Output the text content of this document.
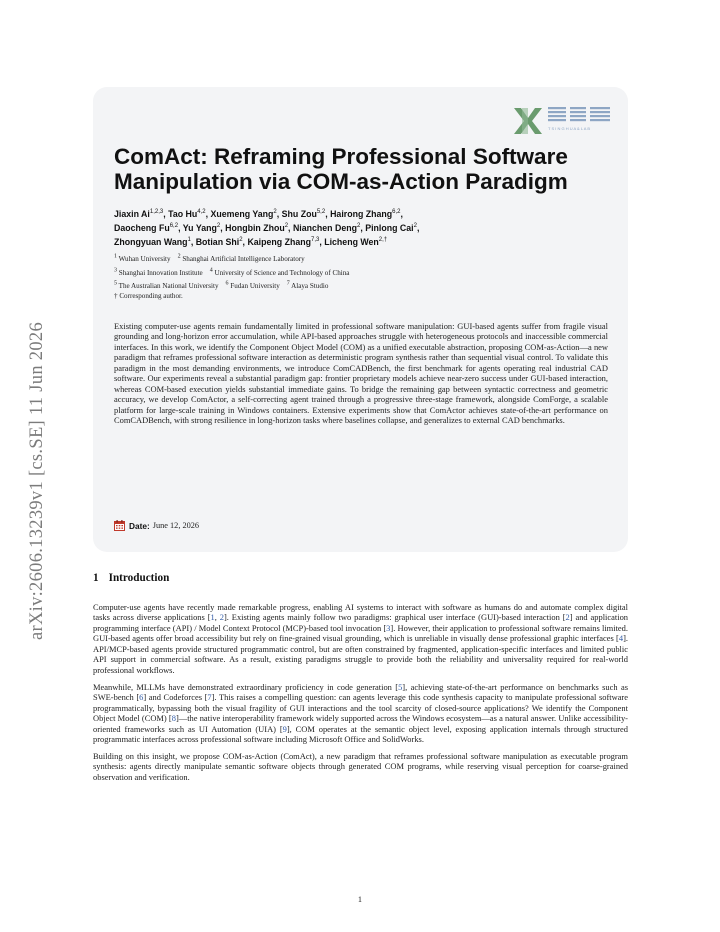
arXiv:2606.13239v1 [cs.SE] 11 Jun 2026
T S I N G H U A & L A B
ComAct: Reframing Professional Software Manipulation via COM-as-Action Paradigm
Jiaxin Ai$^{1,2,3}$, Tao Hu$^{4,2}$, Xuemeng Yang$^2$, Shu Zou$^{5,2}$, Hairong Zhang$^{6,2}$,
Daocheng Fu$^{6,2}$, Yu Yang$^2$, Hongbin Zhou$^2$, Nianchen Deng$^2$, Pinlong Cai$^2$,
Zhongyuan Wang$^1$, Botian Shi$^2$, Kaipeng Zhang$^{7,3}$, Licheng Wen$^{2,\dagger}$
$^1$ Wuhan University $^2$ Shanghai Artificial Intelligence Laboratory
$^3$ Shanghai Innovation Institute $^4$ University of Science and Technology of China
$^5$ The Australian National University $^6$ Fudan University $^7$ Alaya Studio
† Corresponding author.

Existing computer-use agents remain fundamentally limited in professional software manipulation: GUI-based agents suffer from fragile visual grounding and long-horizon error accumulation, while API-based approaches struggle with heterogeneous protocols and inaccessible commercial interfaces. In this work, we identify the Component Object Model (COM) as a unified executable abstraction, proposing COM-as-Action—a new paradigm that reframes professional software interaction as deterministic program synthesis rather than sequential visual control. To validate this paradigm in the most demanding environments, we introduce ComCADBench, the first benchmark for agents operating real industrial CAD software. Our experiments reveal a substantial paradigm gap: frontier proprietary models achieve near-zero success under GUI-based interaction, whereas COM-based execution yields substantial immediate gains. To bridge the remaining gap between syntactic correctness and geometric accuracy, we develop ComActor, a self-correcting agent trained through a progressive three-stage framework, alongside ComForge, a scalable platform for large-scale training in Windows containers. Extensive experiments show that ComActor achieves state-of-the-art performance on ComCADBench, with strong resilience in long-horizon tasks where baselines collapse, and generalizes to external CAD benchmarks.

Date: June 12, 2026
1 Introduction

Computer-use agents have recently made remarkable progress, enabling AI systems to interact with software as humans do and automate complex digital tasks across diverse applications [1, 2]. Existing agents mainly follow two paradigms: graphical user interface (GUI)-based interaction [2] and application programming interface (API) / Model Context Protocol (MCP)-based tool invocation [3]. However, their application to professional software remains limited. GUI-based agents offer broad accessibility but rely on fine-grained visual grounding, which is unreliable in visually dense professional graphic interfaces [4]. API/MCP-based agents provide structured programmatic control, but are often constrained by fragmented, application-specific interfaces and limited public API support in commercial software. As a result, existing paradigms struggle to provide both the reliability and universality required for real-world professional workflows.

Meanwhile, MLLMs have demonstrated extraordinary proficiency in code generation [5], achieving state-of-the-art performance on benchmarks such as SWE-bench [6] and Codeforces [7]. This raises a compelling question: can agents leverage this code synthesis capacity to manipulate professional software programmatically, bypassing both the visual fragility of GUI interactions and the tool scarcity of closed-source applications? We identify the Component Object Model (COM) [8]—the native interoperability framework widely supported across the Windows ecosystem—as a natural answer. Unlike accessibility-oriented frameworks such as UI Automation (UIA) [9], COM operates at the semantic object level, exposing application internals through structured programmatic interfaces across professional software including Microsoft Office and SolidWorks.

Building on this insight, we propose COM-as-Action (ComAct), a new paradigm that reframes professional software manipulation as executable program synthesis: agents directly manipulate semantic software objects through generated COM programs, while reserving visual perception for coarse-grained observation and verification.

1
